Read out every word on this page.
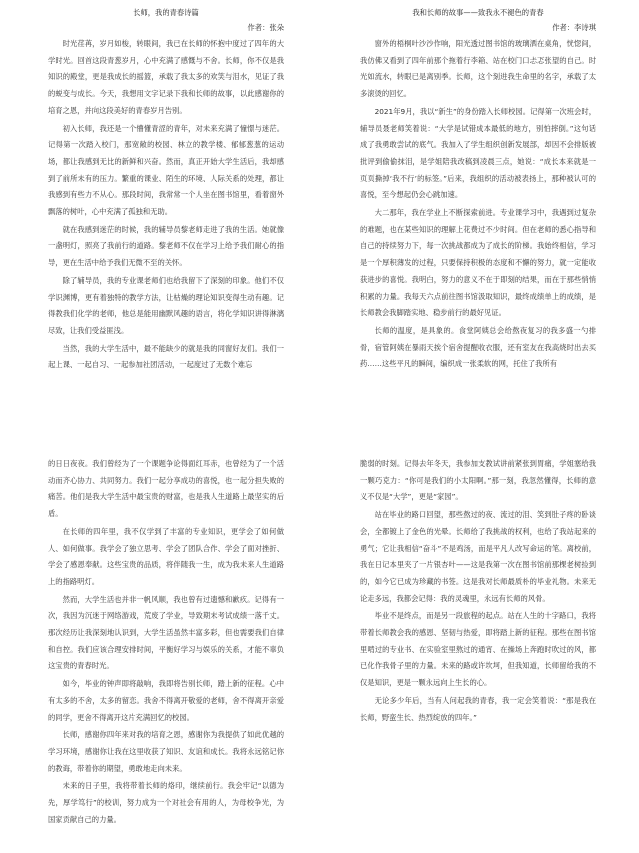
长师，我的青春诗篇
作者：张朵

时光荏苒，岁月如梭，转眼间，我已在长师的怀抱中度过了四年的大学时光。回首这段青葱岁月，心中充满了感慨与不舍。长师，你不仅是我知识的殿堂，更是我成长的摇篮，承载了我太多的欢笑与泪水，见证了我的蜕变与成长。今天，我想用文字记录下我和长师的故事，以此感谢你的培育之恩，并向这段美好的青春岁月告别。

初入长师，我还是一个懵懂青涩的青年，对未来充满了憧憬与迷茫。记得第一次踏入校门，那宽敞的校园、林立的教学楼、郁郁葱葱的运动场，都让我感到无比的新鲜和兴奋。然而，真正开始大学生活后，我却感到了前所未有的压力。繁重的课业、陌生的环境、人际关系的处理，都让我感到有些力不从心。那段时间，我常常一个人坐在图书馆里，看着窗外飘落的树叶，心中充满了孤独和无助。

就在我感到迷茫的时候，我的辅导员黎老师走进了我的生活。她就像一盏明灯，照亮了我前行的道路。黎老师不仅在学习上给予我们耐心的指导，更在生活中给予我们无微不至的关怀。

除了辅导员，我的专业课老师们也给我留下了深刻的印象。他们不仅学识渊博，更有着独特的教学方法，让枯燥的理论知识变得生动有趣。记得教我们化学的老师，他总是能用幽默风趣的语言，将化学知识讲得淋漓尽致，让我们受益匪浅。

当然，我的大学生活中，最不能缺少的就是我的同窗好友们。我们一起上课、一起自习、一起参加社团活动，一起度过了无数个难忘

我和长师的故事——致我永不褪色的青春
作者：李诗琪

窗外的梧桐叶沙沙作响，阳光透过图书馆的玻璃洒在桌角，恍惚间，我仿佛又看到了四年前那个拖着行李箱、站在校门口忐忑张望的自己。时光如流水，转眼已是离别季。长师，这个刻进我生命里的名字，承载了太多滚烫的回忆。

2021年9月，我以“新生”的身份踏入长师校园。记得第一次班会时，辅导员聂老师笑着说：“大学是试错成本最低的地方，别怕摔倒。”这句话成了我勇敢尝试的底气。我加入了学生组织创新发展部，却因不会排版被批评到偷偷抹泪，是学姐陪我改稿到凌晨三点，她说：“成长本来就是一页页撕掉‘我不行’的标签。”后来，我组织的活动被表扬上，那种被认可的喜悦，至今想起仍会心跳加速。

大二那年，我在学业上不断探索前进。专业课学习中，我遇到过复杂的难题，也在某些知识的理解上花费过不少时间。但在老师的悉心指导和自己的持续努力下，每一次挑战都成为了成长的阶梯。我始终相信，学习是一个厚积薄发的过程，只要保持积极的态度和不懈的努力，就一定能收获进步的喜悦。我明白，努力的意义不在于即刻的结果，而在于那些悄悄积累的力量。我每天六点前往图书馆汲取知识，最终成绩单上的成绩，是长师教会我脚踏实地、稳步前行的最好见证。

长师的温度，是具象的。食堂阿姨总会给熬夜复习的我多盛一勺排骨，宿管阿姨在暴雨天挨个宿舍提醒收衣服，还有室友在我高烧时出去买药……这些平凡的瞬间，编织成一张柔软的网，托住了我所有

的日日夜夜。我们曾经为了一个课题争论得面红耳赤，也曾经为了一个活动而齐心协力、共同努力。我们一起分享成功的喜悦，也一起分担失败的痛苦。他们是我大学生活中最宝贵的财富，也是我人生道路上最坚实的后盾。

在长师的四年里，我不仅学到了丰富的专业知识，更学会了如何做人、如何做事。我学会了独立思考、学会了团队合作、学会了面对挫折、学会了感恩奉献。这些宝贵的品质，将伴随我一生，成为我未来人生道路上的指路明灯。

然而，大学生活也并非一帆风顺，我也曾有过遗憾和歉疚。记得有一次，我因为沉迷于网络游戏，荒废了学业，导致期末考试成绩一落千丈。那次经历让我深刻地认识到，大学生活虽然丰富多彩，但也需要我们自律和自控。我们应该合理安排时间，平衡好学习与娱乐的关系，才能不辜负这宝贵的青春时光。

如今，毕业的钟声即将敲响，我即将告别长师，踏上新的征程。心中有太多的不舍，太多的留恋。我舍不得离开敬爱的老师，舍不得离开亲爱的同学，更舍不得离开这片充满回忆的校园。

长师，感谢你四年来对我的培育之恩，感谢你为我提供了如此优越的学习环境，感谢你让我在这里收获了知识、友谊和成长。我将永远铭记你的教诲，带着你的期望，勇敢地走向未来。

未来的日子里，我将带着长师的烙印，继续前行。我会牢记“以德为先，厚学笃行”的校训，努力成为一个对社会有用的人，为母校争光，为国家贡献自己的力量。

脆弱的时刻。记得去年冬天，我参加支教试讲前紧张到胃痛，学姐塞给我一颗巧克力：“你可是我们的小太阳啊。”那一刻，我忽然懂得，长师的意义不仅是“大学”，更是“家园”。

站在毕业的路口回望，那些熬过的夜、流过的泪、笑到肚子疼的卧谈会，全都镀上了金色的光晕。长师给了我挑战的权利，也给了我站起来的勇气；它让我相信“奋斗”不是鸡汤，而是平凡人改写命运的笔。离校前，我在日记本里夹了一片银杏叶——这是我第一次在图书馆前那棵老树捡到的，如今它已成为珍藏的书签。这是我对长师最质朴的毕业礼物。未来无论走多远，我都会记得：我的灵魂里，永远有长师的风骨。

毕业不是终点，而是另一段旅程的起点。站在人生的十字路口，我将带着长师教会我的感恩、坚韧与热爱，即将踏上新的征程。那些在图书馆里啃过的专业书、在实验室里熬过的通宵、在操场上奔跑时吹过的风，都已化作我骨子里的力量。未来的路或许坎坷，但我知道，长师留给我的不仅是知识，更是一颗永远向上生长的心。

无论多少年后，当有人问起我的青春，我一定会笑着说：“那是我在长师，野蛮生长、热烈绽放的四年。”
